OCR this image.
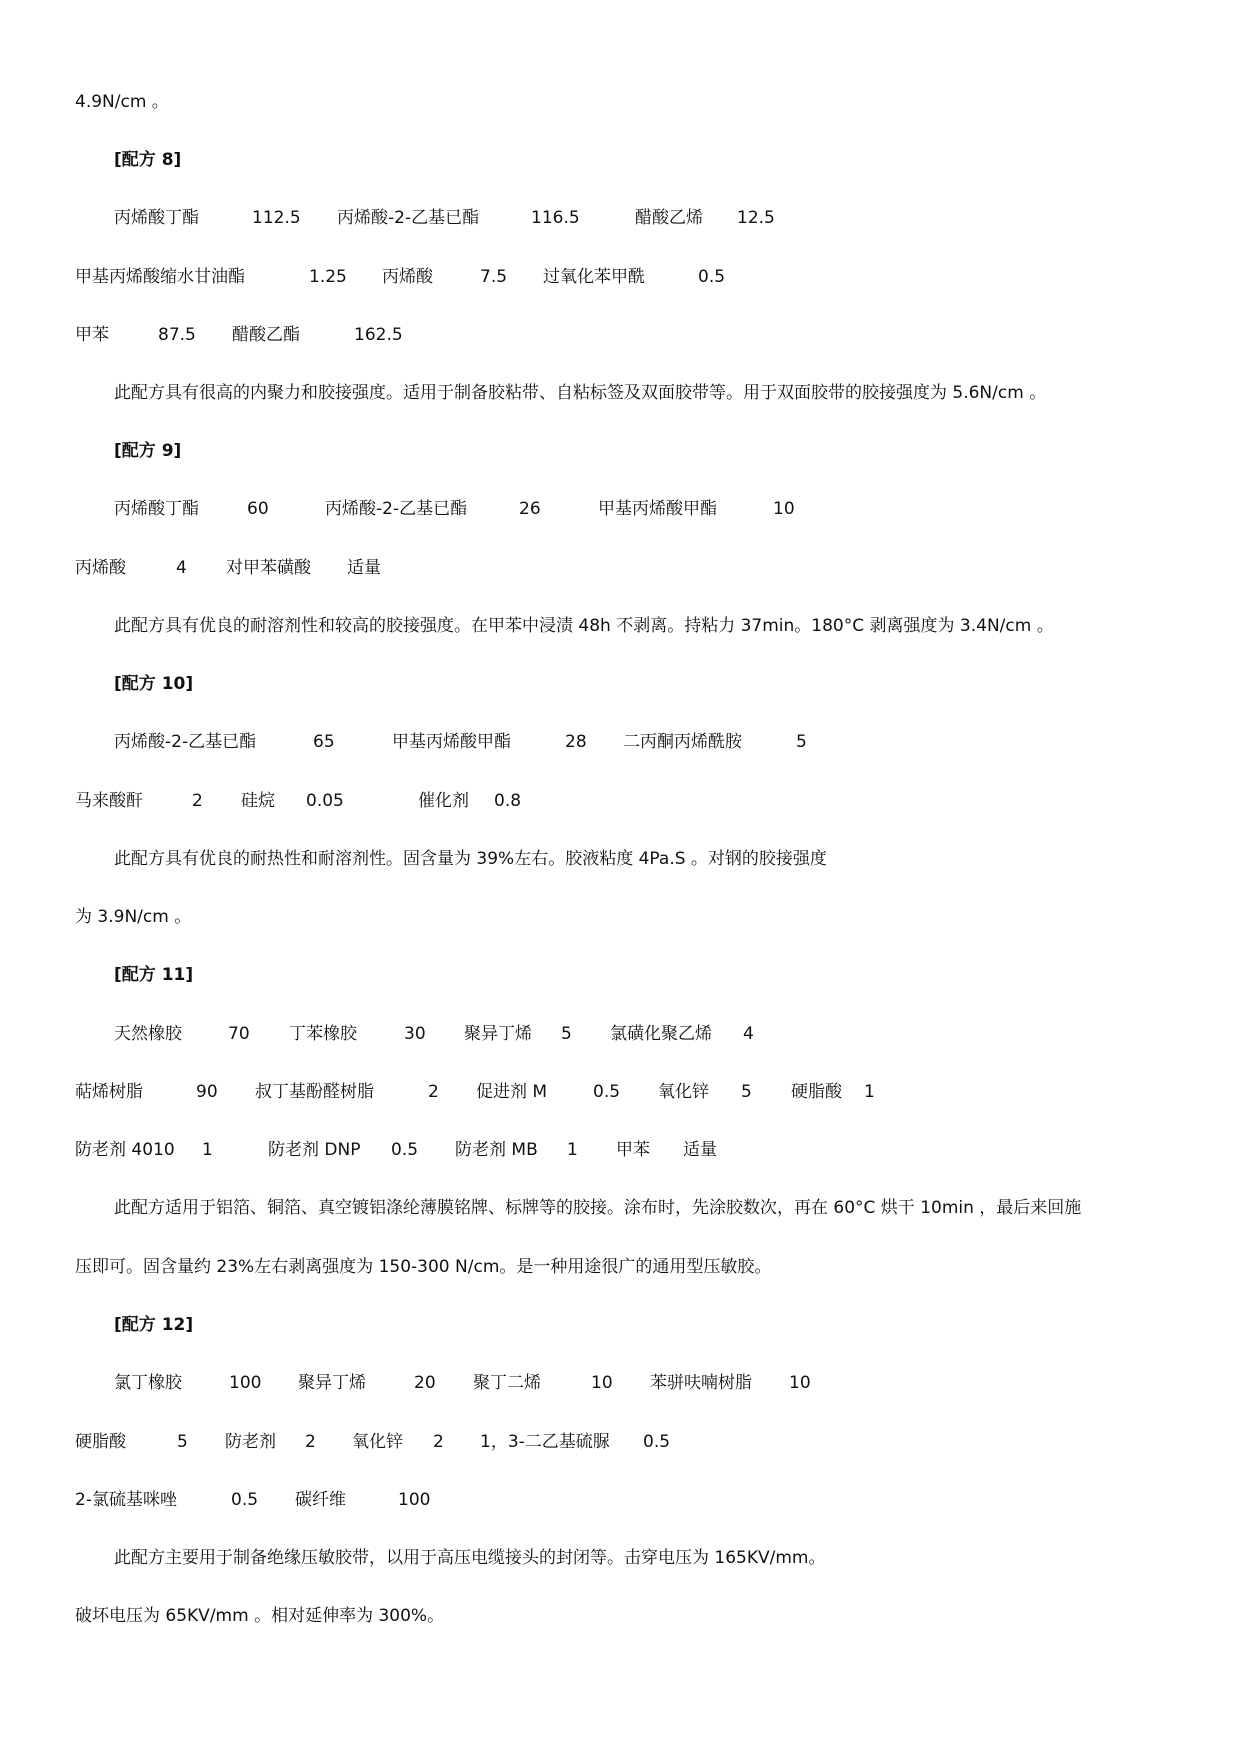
4.9N/cm 。
[配方 8]
丙烯酸丁酯	112.5 丙烯酸-2-乙基已酯	116.5	醋酸乙烯 12.5
甲基丙烯酸缩水甘油酯	1.25 丙烯酸	7.5 过氧化苯甲酰	0.5
甲苯	87.5 醋酸乙酯	162.5
此配方具有很高的内聚力和胶接强度。适用于制备胶粘带、自粘标签及双面胶带等。用于双面胶带的胶接强度为 5.6N/cm 。
[配方 9]
丙烯酸丁酯	60	丙烯酸-2-乙基已酯	26	甲基丙烯酸甲酯	10
丙烯酸	4 对甲苯磺酸 适量
此配方具有优良的耐溶剂性和较高的胶接强度。在甲苯中浸渍 48h 不剥离。持粘力 37min。180°C 剥离强度为 3.4N/cm 。
[配方 10]
丙烯酸-2-乙基已酯	65	甲基丙烯酸甲酯	28 二丙酮丙烯酰胺	5
马来酸酐	2 硅烷 0.05	催化剂 0.8
此配方具有优良的耐热性和耐溶剂性。固含量为 39%左右。胶液粘度 4Pa.S 。对钢的胶接强度
为 3.9N/cm 。
[配方 11]
天然橡胶	70 丁苯橡胶	30 聚异丁烯 5 氯磺化聚乙烯 4
萜烯树脂	90 叔丁基酚醛树脂	2 促进剂 M	0.5 氧化锌 5 硬脂酸 1
防老剂 4010 1	防老剂 DNP 0.5 防老剂 MB 1 甲苯 适量
此配方适用于铝箔、铜箔、真空镀铝涤纶薄膜铭牌、标牌等的胶接。涂布时，先涂胶数次，再在 60°C 烘干 10min ，最后来回施
压即可。固含量约 23%左右剥离强度为 150-300 N/cm。是一种用途很广的通用型压敏胶。
[配方 12]
氯丁橡胶	100 聚异丁烯	20 聚丁二烯	10 苯骈呋喃树脂 10
硬脂酸	5 防老剂 2 氧化锌 2 1，3-二乙基硫脲 0.5
2-氯硫基咪唑	0.5 碳纤维	100
此配方主要用于制备绝缘压敏胶带，以用于高压电缆接头的封闭等。击穿电压为 165KV/mm。
破坏电压为 65KV/mm 。相对延伸率为 300%。
